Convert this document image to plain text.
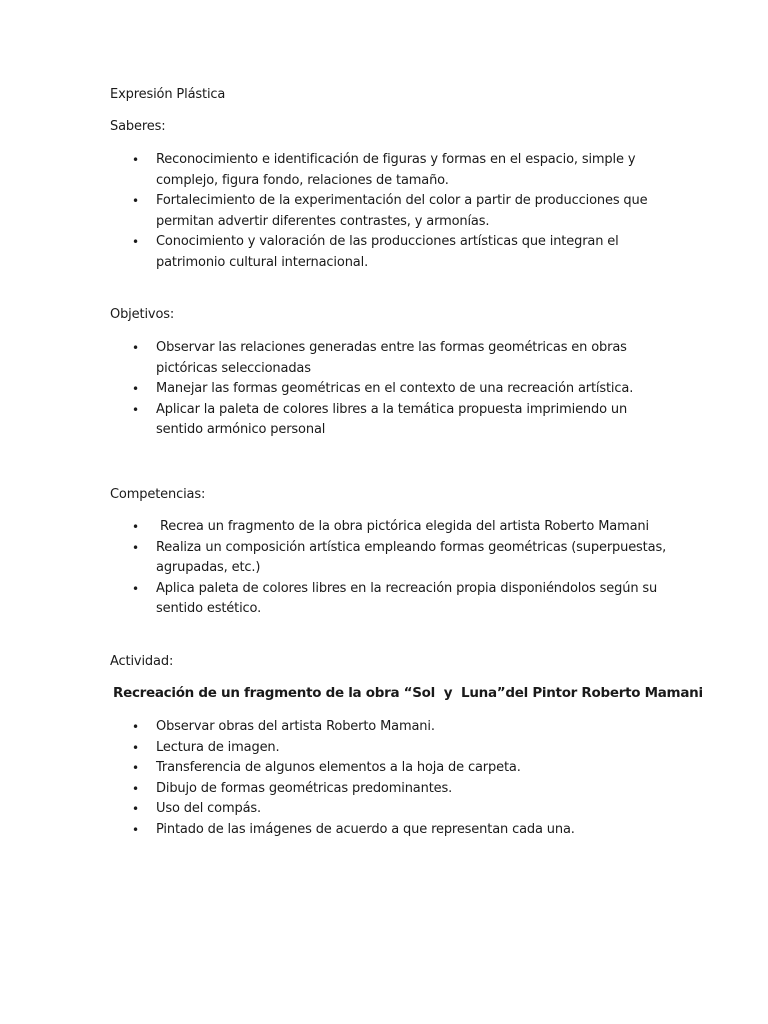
Expresión Plástica

Saberes:

• Reconocimiento e identificación de figuras y formas en el espacio, simple y complejo, figura fondo, relaciones de tamaño.
• Fortalecimiento de la experimentación del color a partir de producciones que permitan advertir diferentes contrastes, y armonías.
• Conocimiento y valoración de las producciones artísticas que integran el patrimonio cultural internacional.

Objetivos:

• Observar las relaciones generadas entre las formas geométricas en obras pictóricas seleccionadas
• Manejar las formas geométricas en el contexto de una recreación artística.
• Aplicar la paleta de colores libres a la temática propuesta imprimiendo un sentido armónico personal

Competencias:

• Recrea un fragmento de la obra pictórica elegida del artista Roberto Mamani
• Realiza un composición artística empleando formas geométricas (superpuestas, agrupadas, etc.)
• Aplica paleta de colores libres en la recreación propia disponiéndolos según su sentido estético.

Actividad:

Recreación de un fragmento de la obra “Sol  y  Luna”del Pintor Roberto Mamani

• Observar obras del artista Roberto Mamani.
• Lectura de imagen.
• Transferencia de algunos elementos a la hoja de carpeta.
• Dibujo de formas geométricas predominantes.
• Uso del compás.
• Pintado de las imágenes de acuerdo a que representan cada una.
